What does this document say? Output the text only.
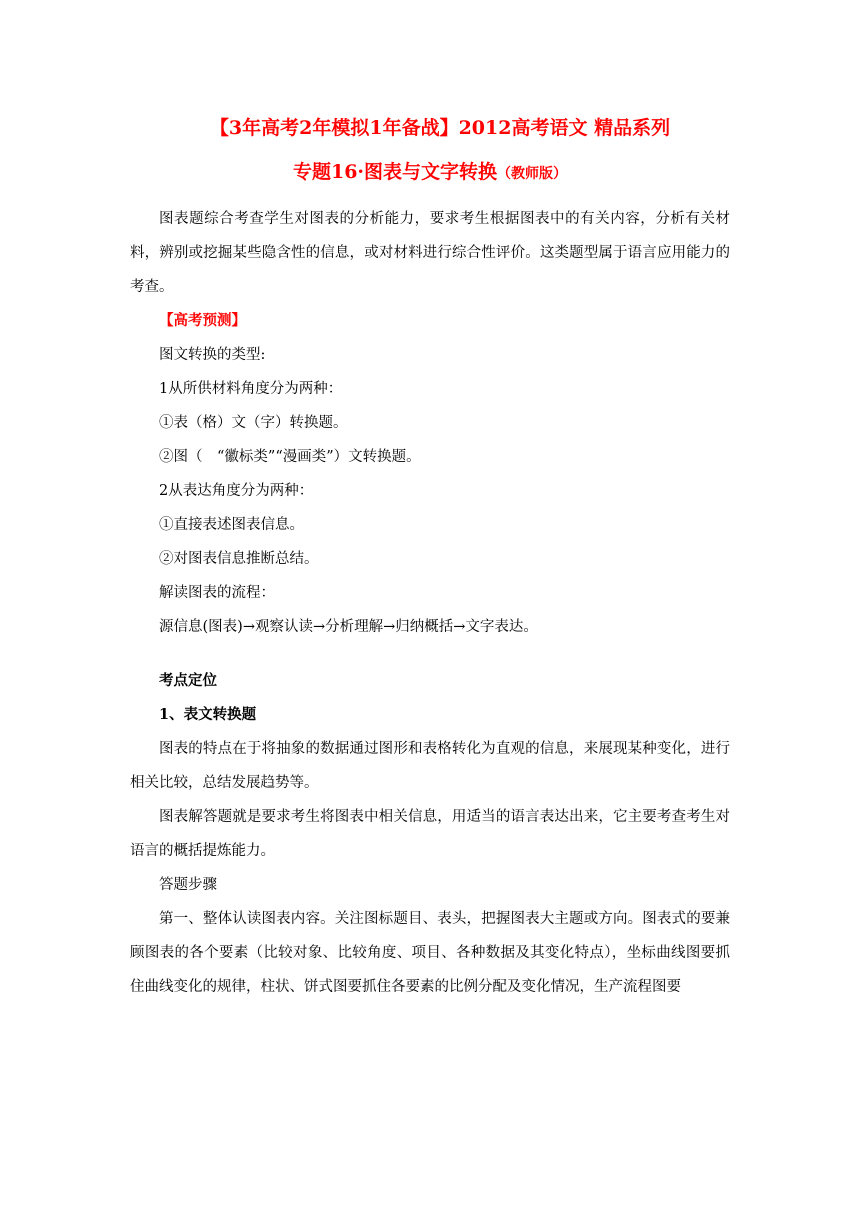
【3年高考2年模拟1年备战】2012高考语文 精品系列

专题16·图表与文字转换（教师版）

图表题综合考查学生对图表的分析能力，要求考生根据图表中的有关内容，分析有关材料，辨别或挖掘某些隐含性的信息，或对材料进行综合性评价。这类题型属于语言应用能力的考查。

【高考预测】

图文转换的类型:

1从所供材料角度分为两种：

①表（格）文（字）转换题。

②图（　“徽标类”“漫画类”）文转换题。

2从表达角度分为两种：

①直接表述图表信息。

②对图表信息推断总结。

解读图表的流程：

源信息(图表)→观察认读→分析理解→归纳概括→文字表达。

考点定位

1、表文转换题

图表的特点在于将抽象的数据通过图形和表格转化为直观的信息，来展现某种变化，进行相关比较，总结发展趋势等。

图表解答题就是要求考生将图表中相关信息，用适当的语言表达出来，它主要考查考生对语言的概括提炼能力。

答题步骤

第一、整体认读图表内容。关注图标题目、表头，把握图表大主题或方向。图表式的要兼顾图表的各个要素（比较对象、比较角度、项目、各种数据及其变化特点），坐标曲线图要抓住曲线变化的规律，柱状、饼式图要抓住各要素的比例分配及变化情况，生产流程图要
